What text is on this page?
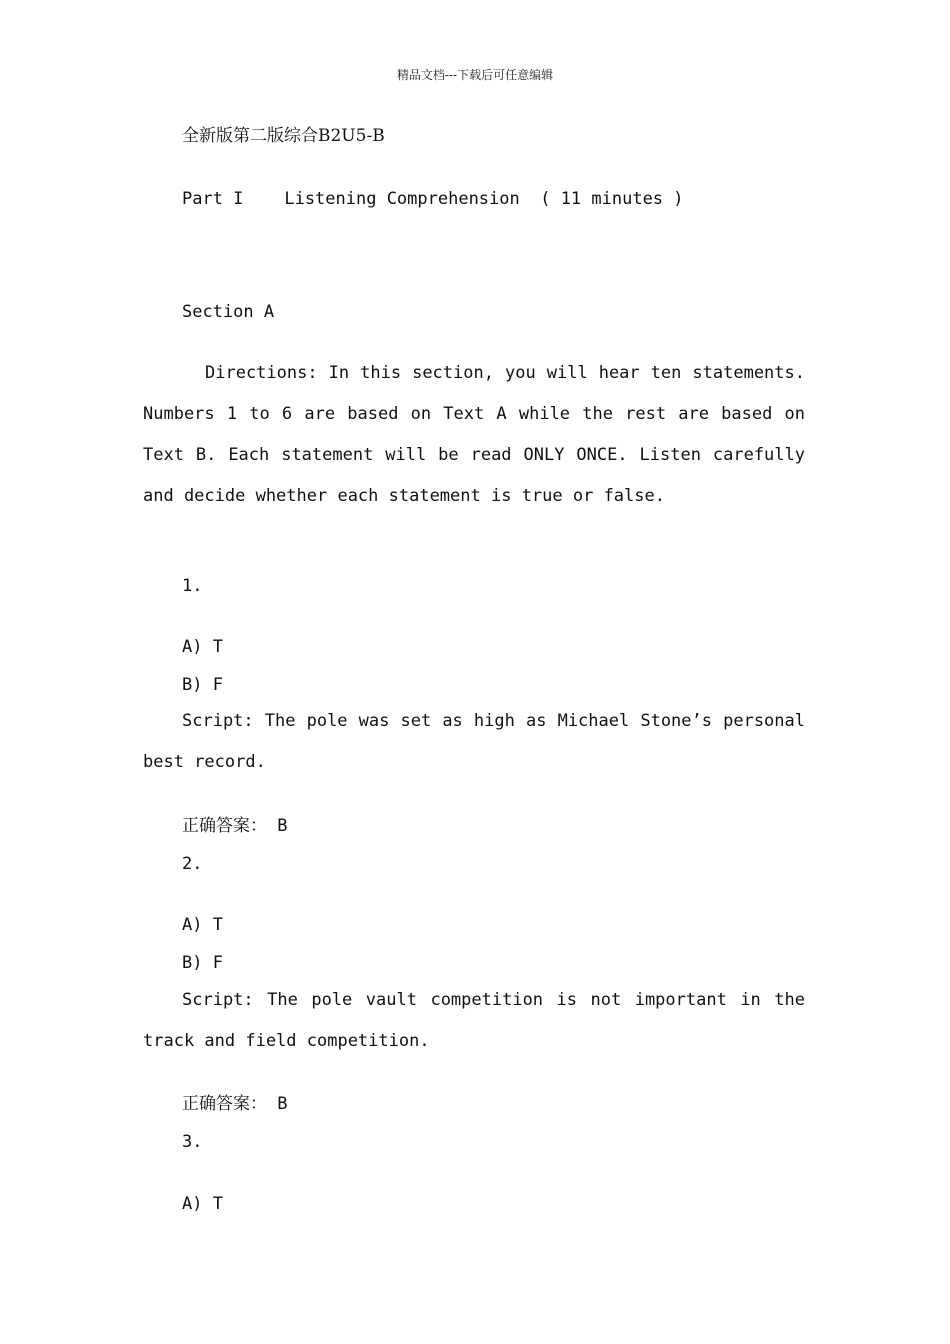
精品文档---下载后可任意编辑
全新版第二版综合B2U5-B
Part I    Listening Comprehension  ( 11 minutes )
Section A
Directions: In this section, you will hear ten statements. Numbers 1 to 6 are based on Text A while the rest are based on Text B. Each statement will be read ONLY ONCE. Listen carefully and decide whether each statement is true or false.
1.
A) T
B) F
Script: The pole was set as high as Michael Stone’s personal best record.
正确答案： B
2.
A) T
B) F
Script: The pole vault competition is not important in the track and field competition.
正确答案： B
3.
A) T
